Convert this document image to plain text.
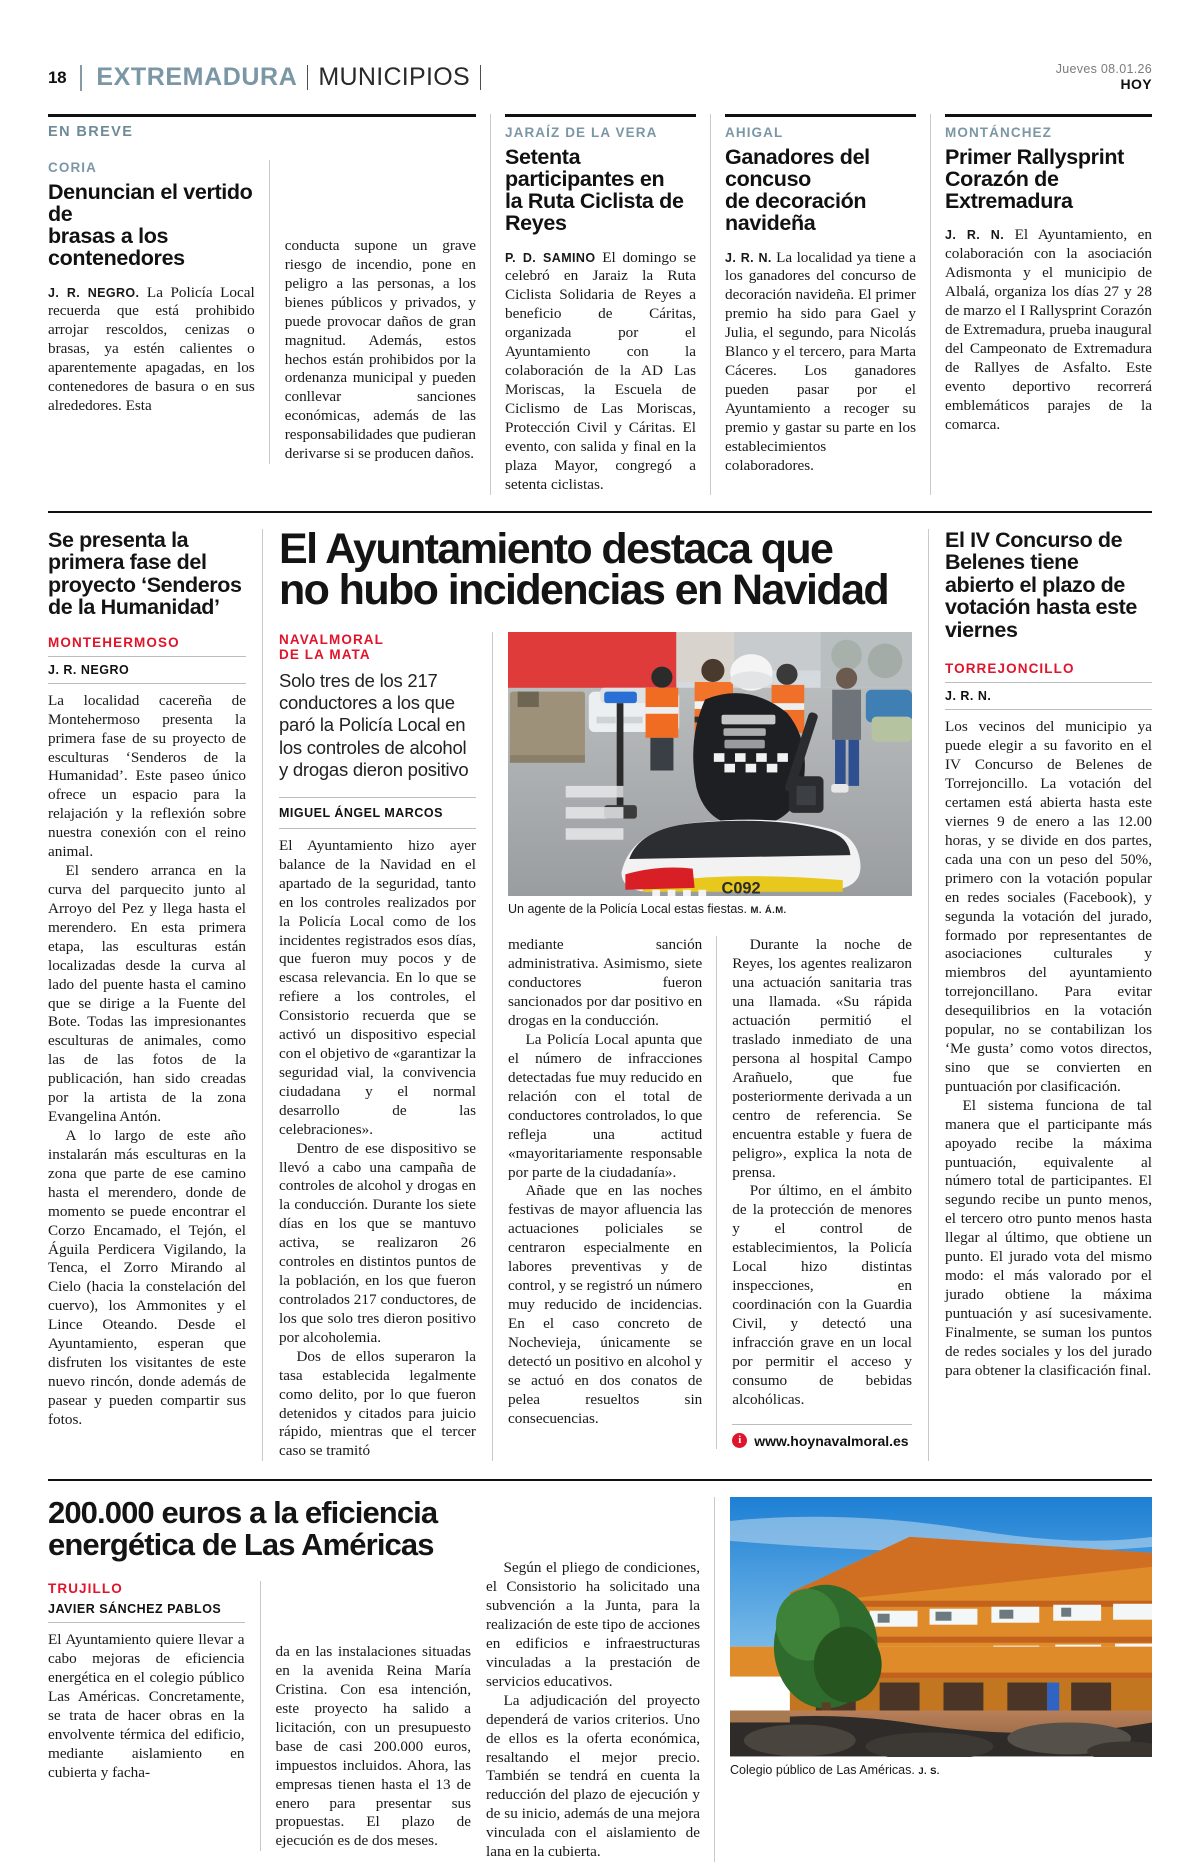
18 EXTREMADURA MUNICIPIOS	Jueves 08.01.26
HOY
EN BREVE
CORIA
Denuncian el vertido de
brasas a los contenedores

J. R. NEGRO. La Policía Local recuerda que está prohibido arrojar rescoldos, cenizas o brasas, ya estén calientes o aparentemente apagadas, en los contenedores de basura o en sus alrededores. Esta

conducta supone un grave riesgo de incendio, pone en peligro a las personas, a los bienes públicos y privados, y puede provocar daños de gran magnitud. Además, estos hechos están prohibidos por la ordenanza municipal y pueden conllevar sanciones económicas, además de las responsabilidades que pudieran derivarse si se producen daños.

JARAÍZ DE LA VERA
Setenta participantes en
la Ruta Ciclista de Reyes

P. D. SAMINO El domingo se celebró en Jaraiz la Ruta Ciclista Solidaria de Reyes a beneficio de Cáritas, organizada por el Ayuntamiento con la colaboración de la AD Las Moriscas, la Escuela de Ciclismo de Las Moriscas, Protección Civil y Cáritas. El evento, con salida y final en la plaza Mayor, congregó a setenta ciclistas.

AHIGAL
Ganadores del concuso
de decoración navideña

J. R. N. La localidad ya tiene a los ganadores del concurso de decoración navideña. El primer premio ha sido para Gael y Julia, el segundo, para Nicolás Blanco y el tercero, para Marta Cáceres. Los ganadores pueden pasar por el Ayuntamiento a recoger su premio y gastar su parte en los establecimientos colaboradores.

MONTÁNCHEZ
Primer Rallysprint
Corazón de Extremadura

J. R. N. El Ayuntamiento, en colaboración con la asociación Adismonta y el municipio de Albalá, organiza los días 27 y 28 de marzo el I Rallysprint Corazón de Extremadura, prueba inaugural del Campeonato de Extremadura de Rallyes de Asfalto. Este evento deportivo recorrerá emblemáticos parajes de la comarca.

Se presenta la primera fase del proyecto ‘Senderos de la Humanidad’
MONTEHERMOSO
J. R. NEGRO

La localidad cacereña de Montehermoso presenta la primera fase de su proyecto de esculturas ‘Senderos de la Humanidad’. Este paseo único ofrece un espacio para la relajación y la reflexión sobre nuestra conexión con el reino animal.

El sendero arranca en la curva del parquecito junto al Arroyo del Pez y llega hasta el merendero. En esta primera etapa, las esculturas están localizadas desde la curva al lado del puente hasta el camino que se dirige a la Fuente del Bote. Todas las impresionantes esculturas de animales, como las de las fotos de la publicación, han sido creadas por la artista de la zona Evangelina Antón.

A lo largo de este año instalarán más esculturas en la zona que parte de ese camino hasta el merendero, donde de momento se puede encontrar el Corzo Encamado, el Tejón, el Águila Perdicera Vigilando, la Tenca, el Zorro Mirando al Cielo (hacia la constelación del cuervo), los Ammonites y el Lince Oteando. Desde el Ayuntamiento, esperan que disfruten los visitantes de este nuevo rincón, donde además de pasear y pueden compartir sus fotos.

El Ayuntamiento destaca que
no hubo incidencias en Navidad
NAVALMORAL
DE LA MATA
Solo tres de los 217 conductores a los que paró la Policía Local en los controles de alcohol y drogas dieron positivo
MIGUEL ÁNGEL MARCOS

El Ayuntamiento hizo ayer balance de la Navidad en el apartado de la seguridad, tanto en los controles realizados por la Policía Local como de los incidentes registrados esos días, que fueron muy pocos y de escasa relevancia. En lo que se refiere a los controles, el Consistorio recuerda que se activó un dispositivo especial con el objetivo de «garantizar la seguridad vial, la convivencia ciudadana y el normal desarrollo de las celebraciones».

Dentro de ese dispositivo se llevó a cabo una campaña de controles de alcohol y drogas en la conducción. Durante los siete días en los que se mantuvo activa, se realizaron 26 controles en distintos puntos de la población, en los que fueron controlados 217 conductores, de los que solo tres dieron positivo por alcoholemia.

Dos de ellos superaron la tasa establecida legalmente como delito, por lo que fueron detenidos y citados para juicio rápido, mientras que el tercer caso se tramitó

C092
Un agente de la Policía Local estas fiestas. M. Á.M.

mediante sanción administrativa. Asimismo, siete conductores fueron sancionados por dar positivo en drogas en la conducción.

La Policía Local apunta que el número de infracciones detectadas fue muy reducido en relación con el total de conductores controlados, lo que refleja una actitud «mayoritariamente responsable por parte de la ciudadanía».

Añade que en las noches festivas de mayor afluencia las actuaciones policiales se centraron especialmente en labores preventivas y de control, y se registró un número muy reducido de incidencias. En el caso concreto de Nochevieja, únicamente se detectó un positivo en alcohol y se actuó en dos conatos de pelea resueltos sin consecuencias.

Durante la noche de Reyes, los agentes realizaron una actuación sanitaria tras una llamada. «Su rápida actuación permitió el traslado inmediato de una persona al hospital Campo Arañuelo, que fue posteriormente derivada a un centro de referencia. Se encuentra estable y fuera de peligro», explica la nota de prensa.

Por último, en el ámbito de la protección de menores y el control de establecimientos, la Policía Local hizo distintas inspecciones, en coordinación con la Guardia Civil, y detectó una infracción grave en un local por permitir el acceso y consumo de bebidas alcohólicas.

i www.hoynavalmoral.es
El IV Concurso de Belenes tiene abierto el plazo de votación hasta este viernes
TORREJONCILLO
J. R. N.

Los vecinos del municipio ya puede elegir a su favorito en el IV Concurso de Belenes de Torrejoncillo. La votación del certamen está abierta hasta este viernes 9 de enero a las 12.00 horas, y se divide en dos partes, cada una con un peso del 50%, primero con la votación popular en redes sociales (Facebook), y segunda la votación del jurado, formado por representantes de asociaciones culturales y miembros del ayuntamiento torrejoncillano. Para evitar desequilibrios en la votación popular, no se contabilizan los ‘Me gusta’ como votos directos, sino que se convierten en puntuación por clasificación.

El sistema funciona de tal manera que el participante más apoyado recibe la máxima puntuación, equivalente al número total de participantes. El segundo recibe un punto menos, el tercero otro punto menos hasta llegar al último, que obtiene un punto. El jurado vota del mismo modo: el más valorado por el jurado obtiene la máxima puntuación y así sucesivamente. Finalmente, se suman los puntos de redes sociales y los del jurado para obtener la clasificación final.

200.000 euros a la eficiencia
energética de Las Américas
TRUJILLO
JAVIER SÁNCHEZ PABLOS

El Ayuntamiento quiere llevar a cabo mejoras de eficiencia energética en el colegio público Las Américas. Concretamente, se trata de hacer obras en la envolvente térmica del edificio, mediante aislamiento en cubierta y facha-

da en las instalaciones situadas en la avenida Reina María Cristina. Con esa intención, este proyecto ha salido a licitación, con un presupuesto base de casi 200.000 euros, impuestos incluidos. Ahora, las empresas tienen hasta el 13 de enero para presentar sus propuestas. El plazo de ejecución es de dos meses.

Según el pliego de condiciones, el Consistorio ha solicitado una subvención a la Junta, para la realización de este tipo de acciones en edificios e infraestructuras vinculadas a la prestación de servicios educativos.

La adjudicación del proyecto dependerá de varios criterios. Uno de ellos es la oferta económica, resaltando el mejor precio. También se tendrá en cuenta la reducción del plazo de ejecución y de su inicio, además de una mejora vinculada con el aislamiento de lana en la cubierta.

Colegio público de Las Américas. J. S.
